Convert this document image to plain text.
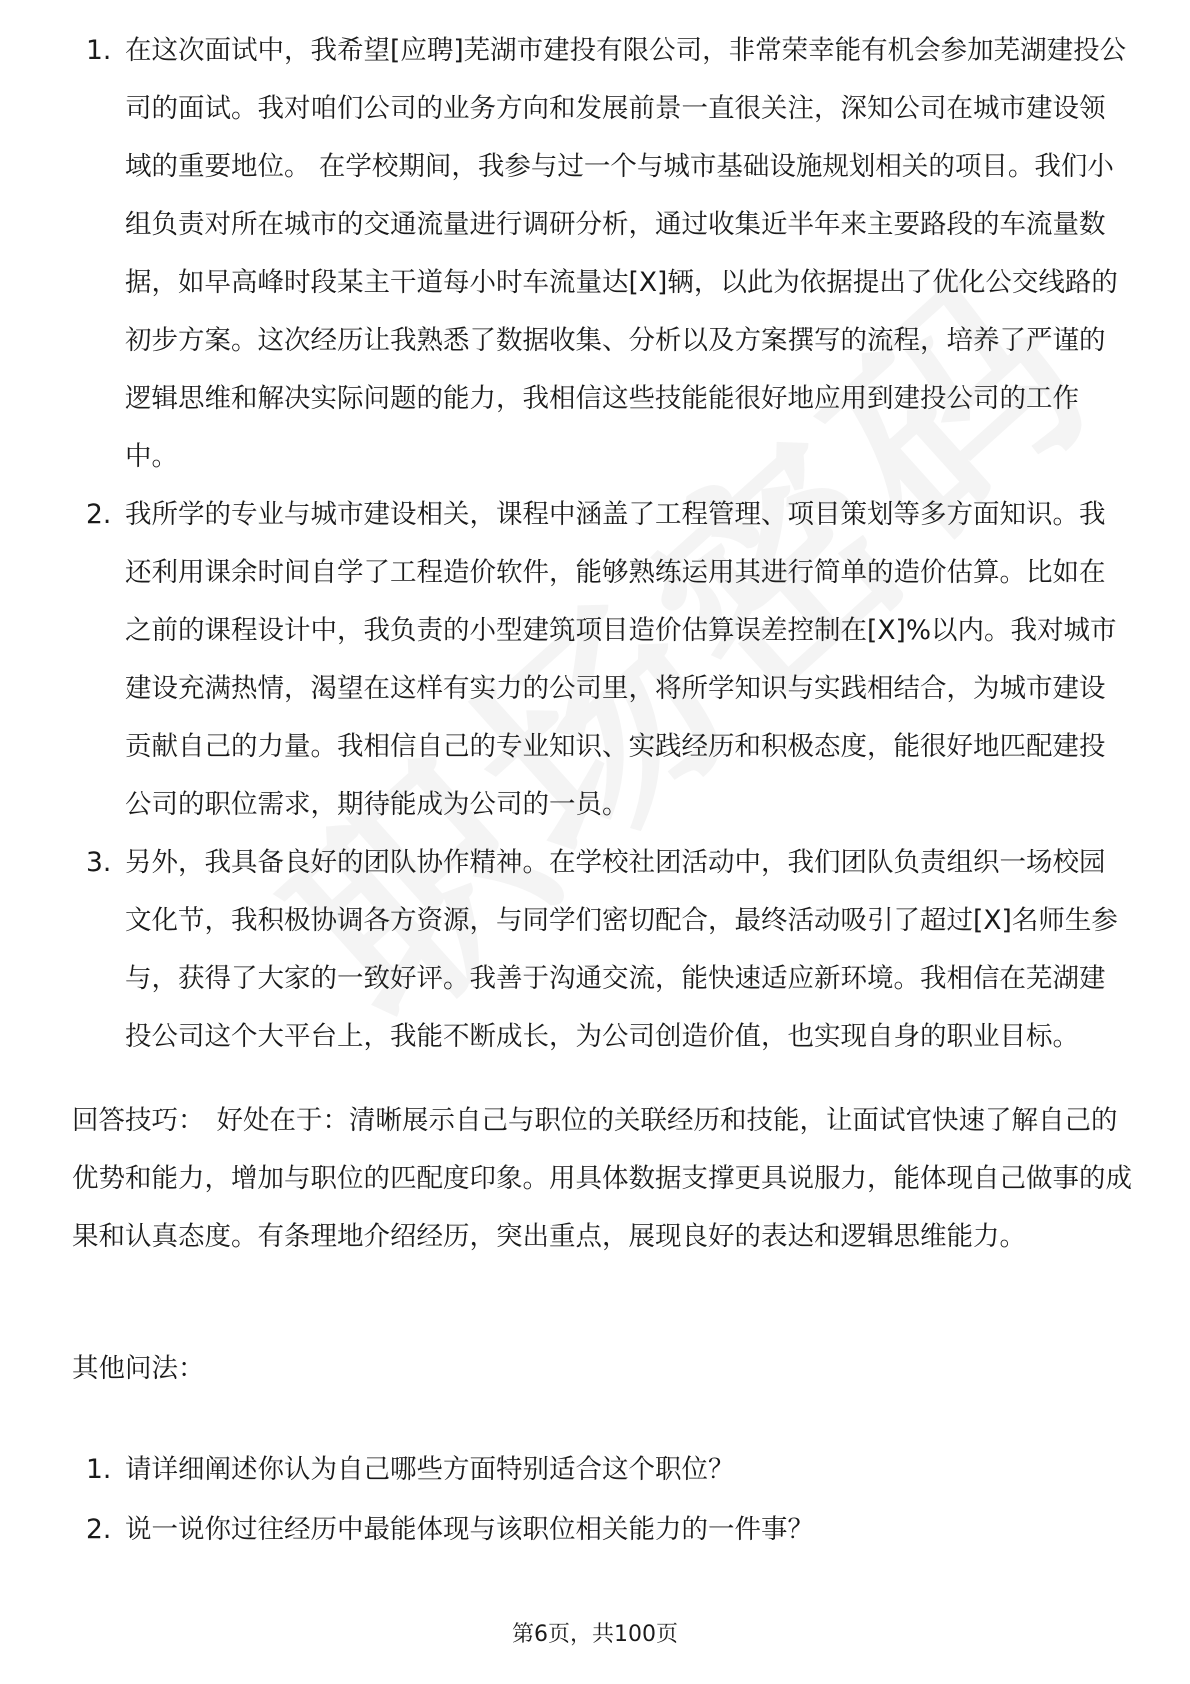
1. 在这次面试中，我希望[应聘]芜湖市建投有限公司，非常荣幸能有机会参加芜湖建投公司的面试。我对咱们公司的业务方向和发展前景一直很关注，深知公司在城市建设领域的重要地位。 在学校期间，我参与过一个与城市基础设施规划相关的项目。我们小组负责对所在城市的交通流量进行调研分析，通过收集近半年来主要路段的车流量数据，如早高峰时段某主干道每小时车流量达[X]辆，以此为依据提出了优化公交线路的初步方案。这次经历让我熟悉了数据收集、分析以及方案撰写的流程，培养了严谨的逻辑思维和解决实际问题的能力，我相信这些技能能很好地应用到建投公司的工作中。
2. 我所学的专业与城市建设相关，课程中涵盖了工程管理、项目策划等多方面知识。我还利用课余时间自学了工程造价软件，能够熟练运用其进行简单的造价估算。比如在之前的课程设计中，我负责的小型建筑项目造价估算误差控制在[X]%以内。我对城市建设充满热情，渴望在这样有实力的公司里，将所学知识与实践相结合，为城市建设贡献自己的力量。我相信自己的专业知识、实践经历和积极态度，能很好地匹配建投公司的职位需求，期待能成为公司的一员。
3. 另外，我具备良好的团队协作精神。在学校社团活动中，我们团队负责组织一场校园文化节，我积极协调各方资源，与同学们密切配合，最终活动吸引了超过[X]名师生参与，获得了大家的一致好评。我善于沟通交流，能快速适应新环境。我相信在芜湖建投公司这个大平台上，我能不断成长，为公司创造价值，也实现自身的职业目标。

回答技巧： 好处在于：清晰展示自己与职位的关联经历和技能，让面试官快速了解自己的优势和能力，增加与职位的匹配度印象。用具体数据支撑更具说服力，能体现自己做事的成果和认真态度。有条理地介绍经历，突出重点，展现良好的表达和逻辑思维能力。

其他问法：

1. 请详细阐述你认为自己哪些方面特别适合这个职位？
2. 说一说你过往经历中最能体现与该职位相关能力的一件事？
第6页，共100页
